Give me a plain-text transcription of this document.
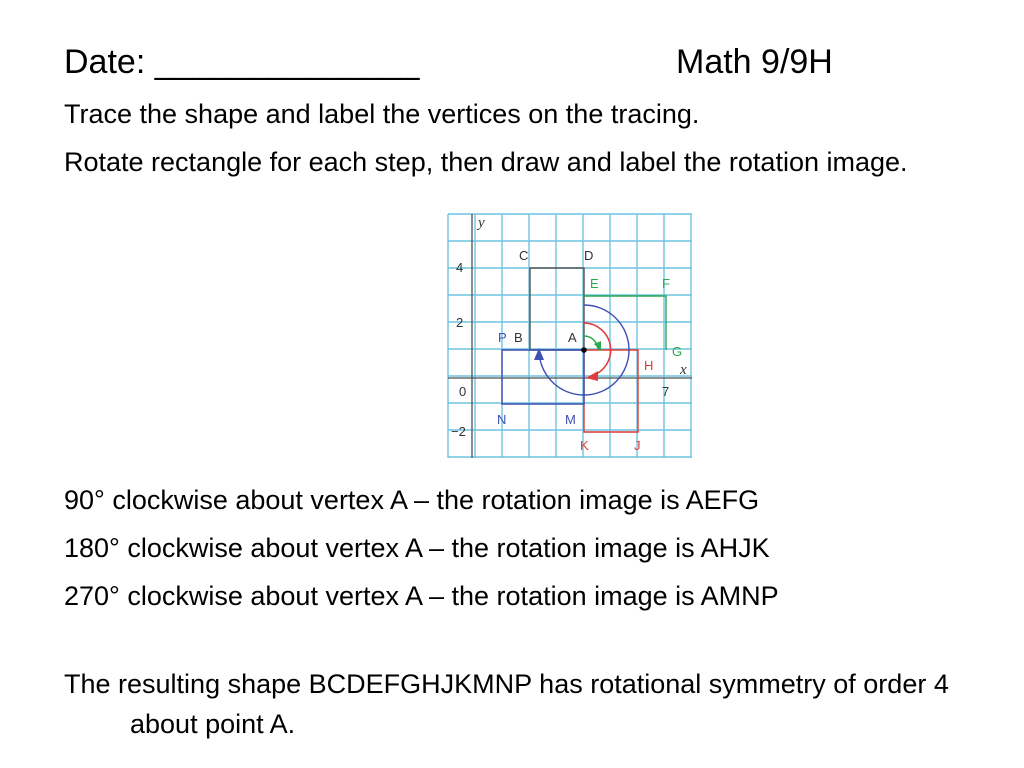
Date: ______________	Math 9/9H

Trace the shape and label the vertices on the tracing.

Rotate rectangle for each step, then draw and label the rotation image.

y
x
4
2
0
−2
7
C	D
B	A
E	F
G
H
J
K
N	M
P

90° clockwise about vertex A – the rotation image is AEFG

180° clockwise about vertex A – the rotation image is AHJK

270° clockwise about vertex A – the rotation image is AMNP

The resulting shape BCDEFGHJKMNP has rotational symmetry of order 4 about point A.
